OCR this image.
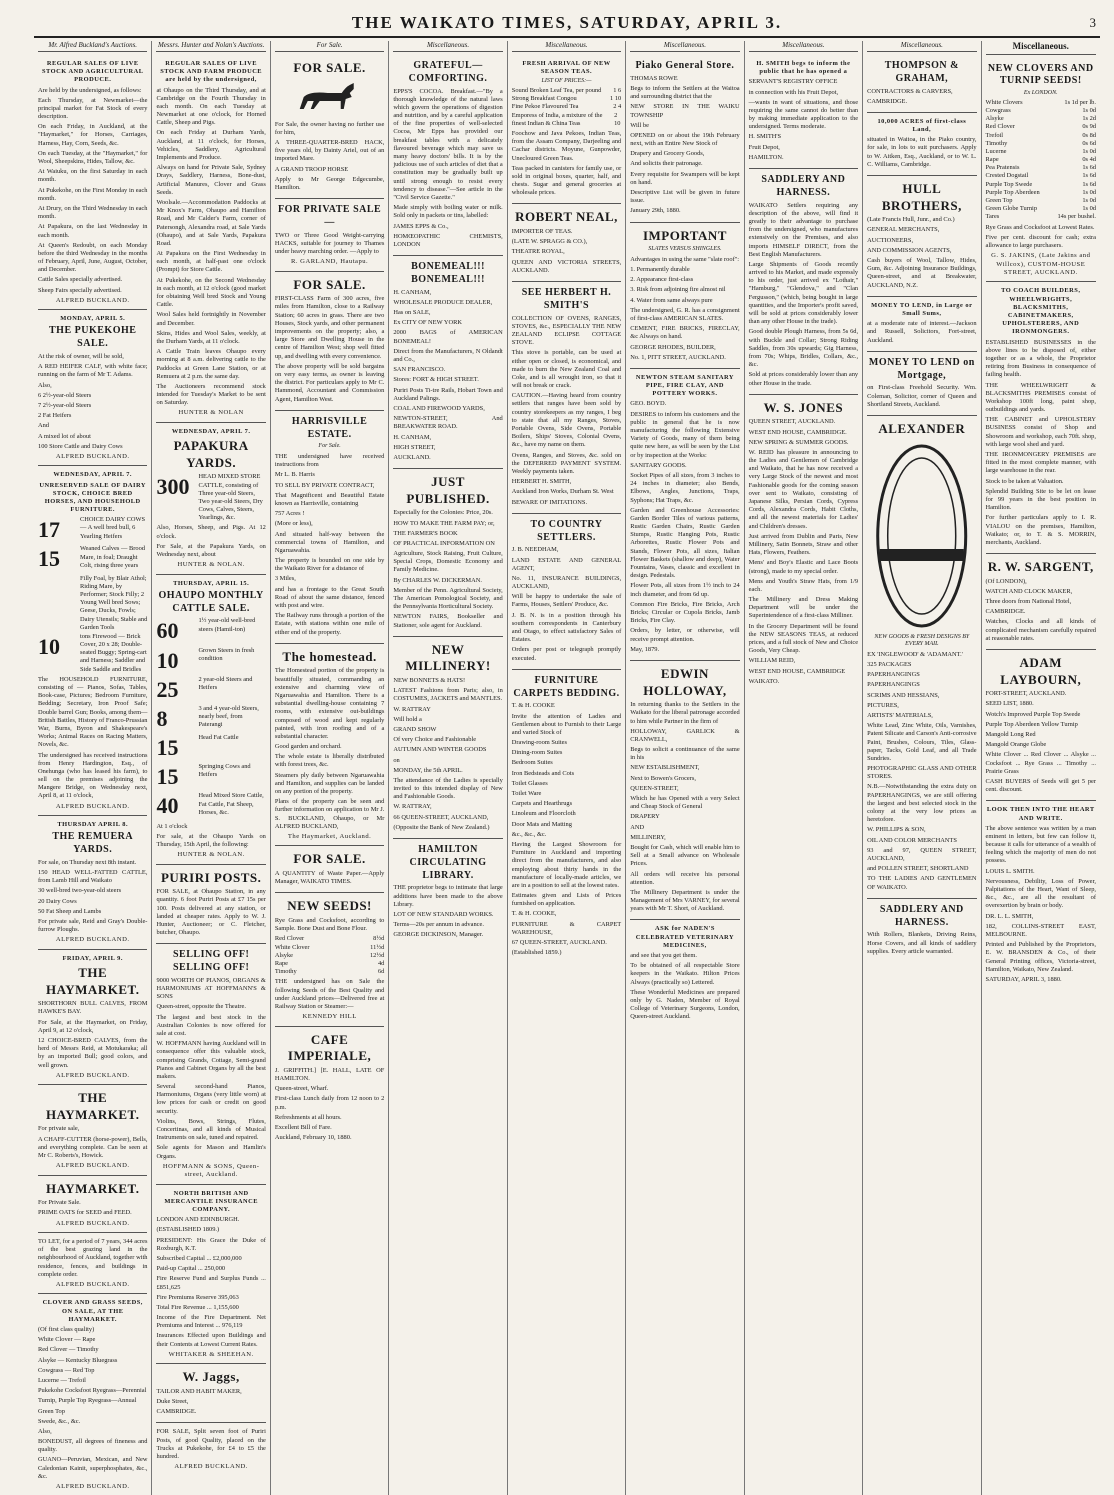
THE WAIKATO TIMES, SATURDAY, APRIL 3.	3
Mr. Alfred Buckland's Auctions.
REGULAR SALES OF LIVE STOCK AND AGRICULTURAL PRODUCE.
Are held by the undersigned, as follows:
Each Thursday, at Newmarket—the principal market for Fat Stock of every description.
On each Friday, in Auckland, at the "Haymarket," for Horses, Carriages, Harness, Hay, Corn, Seeds, &c.
On each Tuesday, at the "Haymarket," for Wool, Sheepskins, Hides, Tallow, &c.
At Waiuku, on the first Saturday in each month.
At Pukekohe, on the First Monday in each month.
At Drury, on the Third Wednesday in each month.
At Papakura, on the last Wednesday in each month.
At Queen's Redoubt, on each Monday before the third Wednesday in the months of February, April, June, August, October, and December.
Cattle Sales specially advertised.
Sheep Fairs specially advertised.
ALFRED BUCKLAND.
MONDAY, APRIL 5.
THE PUKEKOHE SALE.
At the risk of owner, will be sold,
A RED HEIFER CALF, with white face; running on the farm of Mr T. Adams.
Also,
6 2½-year-old Steers
7 2½-year-old Steers
2 Fat Heifers
And
A mixed lot of about
100 Store Cattle and Dairy Cows
ALFRED BUCKLAND.
WEDNESDAY, APRIL 7.
UNRESERVED SALE OF DAIRY STOCK, CHOICE BRED HORSES, AND HOUSEHOLD FURNITURE.
17	CHOICE DAIRY COWS — A well bred bull, 6 Yearling Heifers
15	Weaned Calves — Brood Mare, in foal; Draught Colt, rising three years
Filly Foal, by Blair Athol; Riding Mare, by Performer; Stock Filly; 2 Young Well bred Sows; Geese, Ducks, Fowls; Dairy Utensils; Stable and Garden Tools
10	tons Firewood — Brick Cover, 20 x 28; Double-seated Buggy; Spring-cart and Harness; Saddler and Side Saddle and Bridles
The HOUSEHOLD FURNITURE, consisting of — Pianos, Sofas, Tables, Book-case, Pictures; Bedroom Furniture, Bedding; Secretary, Iron Proof Safe; Double barrel Gun; Books, among them—British Battles, History of Franco-Prussian War, Burns, Byron and Shakespeare's Works; Animal Races on Racing Matters, Novels, &c.
The undersigned has received instructions from Henry Hardington, Esq., of Onehunga (who has leased his farm), to sell on the premises adjoining the Mangere Bridge, on Wednesday next, April 8, at 11 o'clock,
ALFRED BUCKLAND.
THURSDAY APRIL 8.
THE REMUERA YARDS.
For sale, on Thursday next 8th instant.
150 HEAD WELL-FATTED CATTLE, from Lamb Hill and Waikato
30 well-bred two-year-old steers
20 Dairy Cows
50 Fat Sheep and Lambs
For private sale, Reid and Gray's Double-furrow Ploughs.
ALFRED BUCKLAND.
FRIDAY, APRIL 9.
THE HAYMARKET.
SHORTHORN BULL CALVES, FROM HAWKE'S BAY.
For Sale, at the Haymarket, on Friday, April 9, at 12 o'clock,
12 CHOICE-BRED CALVES, from the herd of Messrs Reid, at Motukaraka; all by an imported Bull; good colors, and well grown.
ALFRED BUCKLAND.
THE HAYMARKET.
For private sale,
A CHAFF-CUTTER (horse-power), Bells, and everything complete. Can be seen at Mr C. Roberts's, Howick.
ALFRED BUCKLAND.
HAYMARKET.
For Private Sale.
PRIME OATS for SEED and FEED.
ALFRED BUCKLAND.
TO LET, for a period of 7 years, 344 acres of the best grazing land in the neighbourhood of Auckland, together with residence, fences, and buildings in complete order.
ALFRED BUCKLAND.
CLOVER AND GRASS SEEDS, ON SALE, AT THE HAYMARKET.
(Of first class quality)
White Clover — Rape
Red Clover — Timothy
Alsyke — Kentucky Bluegrass
Cowgrass — Red Top
Lucerne — Trefoil
Pukekohe Cocksfoot Ryegrass—Perennial
Turnip, Purple Top Ryegrass—Annual
Green Top
Swede, &c., &c.
Also,
BONEDUST, all degrees of fineness and quality.
GUANO—Peruvian, Mexican, and New Caledonian Kainit, superphosphates, &c., &c.
ALFRED BUCKLAND.
Messrs. Hunter and Nolan's Auctions.
REGULAR SALES OF LIVE STOCK AND FARM PRODUCE are held by the undersigned,
at Ohaupo on the Third Thursday, and at Cambridge on the Fourth Thursday in each month. On each Tuesday at Newmarket at one o'clock, for Horned Cattle, Sheep and Pigs.
On each Friday at Durham Yards, Auckland, at 11 o'clock, for Horses, Vehicles, Saddlery, Agricultural Implements and Produce.
Always on hand for Private Sale, Sydney Drays, Saddlery, Harness, Bone-dust, Artificial Manures, Clover and Grass Seeds.
Woolsale.—Accommodation Paddocks at Mr Knox's Farm, Ohaupo and Hamilton Road, and Mr Calder's Farm, corner of Patersongh, Alexandra road, at Sale Yards (Ohaupo), and at Sale Yards, Papakura Road.
At Papakura on the First Wednesday in each month, at half-past one o'clock (Prompt) for Store Cattle.
At Pukekohe, on the Second Wednesday in each month, at 12 o'clock (good market for obtaining Well bred Stock and Young Cattle.
Wool Sales held fortnightly in November and December.
Skins, Hides and Wool Sales, weekly, at the Durham Yards, at 11 o'clock.
A Cattle Train leaves Ohaupo every morning at 8 a.m. delivering cattle to the Paddocks at Green Lane Station, or at Remuera at 2 p.m. the same day.
The Auctioneers recommend stock intended for Tuesday's Market to be sent on Saturday.
HUNTER & NOLAN
WEDNESDAY, APRIL 7.
PAPAKURA YARDS.
300	HEAD MIXED STORE CATTLE, consisting of Three year-old Steers, Two year-old Steers, Dry Cows, Calves, Steers, Yearlings, &c.
Also, Horses, Sheep, and Pigs. At 12 o'clock.
For Sale, at the Papakura Yards, on Wednesday next, about
HUNTER & NOLAN.
THURSDAY, APRIL 15.
OHAUPO MONTHLY CATTLE SALE.
60	1½ year-old well-bred steers (Hamil-ton)
10	Grown Steers in fresh condition
25	2 year-old Steers and Heifers
8	3 and 4 year-old Steers, nearly beef, from Paterangi
15	Head Fat Cattle
15	Springing Cows and Heifers
40	Head Mixed Store Cattle, Fat Cattle, Fat Sheep, Horses, &c.
At 1 o'clock
For sale, at the Ohaupo Yards on Thursday, 15th April, the following:
HUNTER & NOLAN.
PURIRI POSTS.
FOR SALE, at Ohaupo Station, in any quantity. 6 foot Puriri Posts at £7 15s per 100. Posts delivered at any station, or landed at cheaper rates. Apply to W. J. Hunter, Auctioneer; or C. Fletcher, butcher, Ohaupo.
SELLING OFF! SELLING OFF!
9000 WORTH OF PIANOS, ORGANS & HARMONIUMS AT HOFFMANN'S & SONS
Queen-street, opposite the Theatre.
The largest and best stock in the Australian Colonies is now offered for sale at cost.
W. HOFFMANN having Auckland will in consequence offer this valuable stock, comprising Grands, Cottage, Semi-grand Pianos and Cabinet Organs by all the best makers.
Several second-hand Pianos, Harmoniums, Organs (very little worn) at low prices for cash or credit on good security.
Violins, Bows, Strings, Flutes, Concertinas, and all kinds of Musical Instruments on sale, tuned and repaired.
Sole agents for Mason and Hamlin's Organs.
HOFFMANN & SONS, Queen-street, Auckland.
NORTH BRITISH AND MERCANTILE INSURANCE COMPANY.
LONDON AND EDINBURGH.
(ESTABLISHED 1809.)
PRESIDENT: His Grace the Duke of Roxburgh, K.T.
Subscribed Capital ... £2,000,000
Paid-up Capital ... 250,000
Fire Reserve Fund and Surplus Funds ... £851,625
Fire Premiums Reserve 395,063
Total Fire Revenue ... 1,155,600
Income of the Fire Department. Net Premiums and Interest ... 976,119
Insurances Effected upon Buildings and their Contents at Lowest Current Rates.
WHITAKER & SHEEHAN.
W. Jaggs,
TAILOR AND HABIT MAKER,
Duke Street,
CAMBRIDGE.
FOR SALE, Split seven foot of Puriri Posts, of good Quality, placed on the Trucks at Pukekohe, for £4 to £5 the hundred.
ALFRED BUCKLAND.
For Sale.
FOR SALE.
For Sale, the owner having no further use for him,
A THREE-QUARTER-BRED HACK, five years old, by Dainty Ariel, out of an imported Mare.
A GRAND TROOP HORSE
Apply to Mr George Edgecumbe, Hamilton.
FOR PRIVATE SALE—
TWO or Three Good Weight-carrying HACKS, suitable for journey to Thames under heavy marching order. —Apply to
R. GARLAND, Hautapu.
FOR SALE.
FIRST-CLASS Farm of 300 acres, five miles from Hamilton, close to a Railway Station; 60 acres in grass. There are two Houses, Stock yards, and other permanent improvements on the property; also, a large Store and Dwelling House in the centre of Hamilton West; shop well fitted up, and dwelling with every convenience.
The above property will be sold bargains on very easy terms, as owner is leaving the district. For particulars apply to Mr C. Hammond, Accountant and Commission Agent, Hamilton West.
HARRISVILLE ESTATE.
For Sale.
THE undersigned have received instructions from
Mr L. B. Harris
TO SELL BY PRIVATE CONTRACT,
That Magnificent and Beautiful Estate known as Harrisville, containing
757 Acres !
(More or less),
And situated half-way between the commercial towns of Hamilton, and Ngaruawahia.
The property is bounded on one side by the Waikato River for a distance of
3 Miles,
and has a frontage to the Great South Road of about the same distance, fenced with post and wire.
The Railway runs through a portion of the Estate, with stations within one mile of either end of the property.
The homestead.
The Homestead portion of the property is beautifully situated, commanding an extensive and charming view of Ngaruawahia and Hamilton. There is a substantial dwelling-house containing 7 rooms, with extensive out-buildings composed of wood and kept regularly painted, with iron roofing and of a substantial character.
Good garden and orchard.
The whole estate is liberally distributed with forest trees, &c.
Steamers ply daily between Ngaruawahia and Hamilton, and supplies can be landed on any portion of the property.
Plans of the property can be seen and further information on application to Mr J. S. BUCKLAND, Ohaupo, or Mr ALFRED BUCKLAND,
The Haymarket, Auckland.
FOR SALE.
A QUANTITY of Waste Paper.—Apply Manager, WAIKATO TIMES.
NEW SEEDS!
Rye Grass and Cocksfoot, according to Sample. Bone Dust and Bone Flour.
Red Clover	8½d
White Clover	11½d
Alsyke	12½d
Rape	4d
Timothy	6d
THE undersigned has on Sale the following Seeds of the Best Quality and under Auckland prices—Delivered free at Railway Station or Steamer:—
KENNEDY HILL
CAFE IMPERIALE,
J. GRIFFITH.] [E. HALL, LATE OF HAMILTON.
Queen-street, Wharf.
First-class Lunch daily from 12 noon to 2 p.m.
Refreshments at all hours.
Excellent Bill of Fare.
Auckland, February 10, 1880.
Miscellaneous.
GRATEFUL—COMFORTING.
EPPS'S COCOA. Breakfast.—"By a thorough knowledge of the natural laws which govern the operations of digestion and nutrition, and by a careful application of the fine properties of well-selected Cocoa, Mr Epps has provided our breakfast tables with a delicately flavoured beverage which may save us many heavy doctors' bills. It is by the judicious use of such articles of diet that a constitution may be gradually built up until strong enough to resist every tendency to disease."—See article in the "Civil Service Gazette."
Made simply with boiling water or milk. Sold only in packets or tins, labelled:
JAMES EPPS & Co.,
HOMŒOPATHIC CHEMISTS, LONDON
BONEMEAL!!! BONEMEAL!!!
H. CANHAM,
WHOLESALE PRODUCE DEALER,
Has on SALE,
Ex CITY OF NEW YORK
2000 BAGS of AMERICAN BONEMEAL!
Direct from the Manufacturers, N Oldandt and Co.,
SAN FRANCISCO.
Stores: FORT & HIGH STREET.
Puriri Posts Ti-tre Rails, Hobart Town and Auckland Palings.
COAL AND FIREWOOD YARDS,
NEWTON-STREET, And BREAKWATER ROAD.
H. CANHAM,
HIGH STREET,
AUCKLAND.
JUST PUBLISHED.
Especially for the Colonies: Price, 20s.
HOW TO MAKE THE FARM PAY; or,
THE FARMER'S BOOK
OF PRACTICAL INFORMATION ON
Agriculture, Stock Raising, Fruit Culture, Special Crops, Domestic Economy and Family Medicine.
By CHARLES W. DICKERMAN.
Member of the Penn. Agricultural Society, The American Pomological Society, and the Pennsylvania Horticultural Society.
NEWTON FAIRS, Bookseller and Stationer, sole agent for Auckland.
NEW MILLINERY!
NEW BONNETS & HATS!
LATEST Fashions from Paris; also, in COSTUMES, JACKETS and MANTLES.
W. RATTRAY
Will hold a
GRAND SHOW
Of very Choice and Fashionable
AUTUMN AND WINTER GOODS
on
MONDAY, the 5th APRIL.
The attendance of the Ladies is specially invited to this intended display of New and Fashionable Goods.
W. RATTRAY,
66 QUEEN-STREET, AUCKLAND,
(Opposite the Bank of New Zealand.)
HAMILTON CIRCULATING LIBRARY.
THE proprietor begs to intimate that large additions have been made to the above Library.
LOT OF NEW STANDARD WORKS.
Terms—20s per annum in advance.
GEORGE DICKINSON, Manager.
Miscellaneous.
FRESH ARRIVAL OF NEW SEASON TEAS.
LIST OF PRICES:—
Sound Broken Leaf Tea, per pound 1 6
Strong Breakfast Congou	1 10
Fine Pekoe Flavoured Tea	2 4
Emporess of India, a mixture of the finest Indian & China Teas
2 10
Foochow and Java Pekoes, Indian Teas, from the Assam Company, Darjeeling and Cachar districts. Moyune, Gunpowder, Unecloured Green Teas.
Teas packed in canisters for family use, or sold in original boxes, quarter, half, and chests. Sugar and general groceries at wholesale prices.
ROBERT NEAL,
IMPORTER OF TEAS.
(LATE W. SPRAGG & CO.),
THEATRE ROYAL,
QUEEN AND VICTORIA STREETS, AUCKLAND.
SEE HERBERT H. SMITH'S
COLLECTION OF OVENS, RANGES, STOVES, &c., ESPECIALLY THE NEW ZEALAND ECLIPSE COTTAGE STOVE.
This stove is portable, can be used at either open or closed, is economical, and made to burn the New Zealand Coal and Coke, and is all wrought iron, so that it will not break or crack.
CAUTION.—Having heard from country settlers that ranges have been sold by country storekeepers as my ranges, I beg to state that all my Ranges, Stoves, Portable Ovens, Side Ovens, Portable Boilers, Ships' Stoves, Colonial Ovens, &c., have my name on them.
Ovens, Ranges, and Stoves, &c. sold on the DEFERRED PAYMENT SYSTEM. Weekly payments taken.
HERBERT H. SMITH,
Auckland Iron Works, Durham St. West
BEWARE OF IMITATIONS.
TO COUNTRY SETTLERS.
J. B. NEEDHAM,
LAND ESTATE AND GENERAL AGENT,
No. 11, INSURANCE BUILDINGS, AUCKLAND,
Will be happy to undertake the sale of Farms, Houses, Settlers' Produce, &c.
J. B. N. is in a position through his southern correspondents in Canterbury and Otago, to effect satisfactory Sales of Estates.
Orders per post or telegraph promptly executed.
FURNITURE CARPETS BEDDING.
T. & H. COOKE
Invite the attention of Ladies and Gentlemen about to Furnish to their Large and varied Stock of
Drawing-room Suites
Dining-room Suites
Bedroom Suites
Iron Bedsteads and Cots
Toilet Glasses
Toilet Ware
Carpets and Hearthrugs
Linoleum and Floorcloth
Door Mats and Matting
&c., &c., &c.
Having the Largest Showroom for Furniture in Auckland and importing direct from the manufacturers, and also employing about thirty hands in the manufacture of locally-made articles, we are in a position to sell at the lowest rates.
Estimates given and Lists of Prices furnished on application.
T. & H. COOKE,
FURNITURE & CARPET WAREHOUSE,
67 QUEEN-STREET, AUCKLAND.
(Established 1859.)
Miscellaneous.
Piako General Store.
THOMAS ROWE
Begs to inform the Settlers at the Waitoa and surrounding district that the
NEW STORE IN THE WAIKU TOWNSHIP
Will be
OPENED on or about the 19th February next, with an Entire New Stock of
Drapery and Grocery Goods,
And solicits their patronage.
Every requisite for Swampers will be kept on hand.
Descriptive List will be given in future issue.
January 29th, 1880.
IMPORTANT
SLATES VERSUS SHINGLES.
Advantages in using the same "slate roof":
1. Permanently durable
2. Appearance first-class
3. Risk from adjoining fire almost nil
4. Water from same always pure
The undersigned, G. R. has a consignment of first-class AMERICAN SLATES.
CEMENT, FIRE BRICKS, FIRECLAY, &c Always on hand.
GEORGE RHODES, BUILDER,
No. 1, PITT STREET, AUCKLAND.
NEWTON STEAM SANITARY PIPE, FIRE CLAY, AND POTTERY WORKS.
GEO. BOYD.
DESIRES to inform his customers and the public in general that he is now manufacturing the following Extensive Variety of Goods, many of them being quite new here, as will be seen by the List or by inspection at the Works:
SANITARY GOODS.
Socket Pipes of all sizes, from 3 inches to 24 inches in diameter; also Bends, Elbows, Angles, Junctions, Traps, Syphons; Hat Traps, &c.
Garden and Greenhouse Accessories: Garden Border Tiles of various patterns, Rustic Garden Chairs, Rustic Garden Stumps, Rustic Hanging Pots, Rustic Arborettes, Rustic Flower Pots and Stands, Flower Pots, all sizes, Italian Flower Baskets (shallow and deep), Water Fountains, Vases, classic and excellent in design. Pedestals.
Flower Pots, all sizes from 1½ inch to 24 inch diameter, and from 6d up.
Common Fire Bricks, Fire Bricks, Arch Bricks; Circular or Cupola Bricks, Jamb Bricks, Fire Clay.
Orders, by letter, or otherwise, will receive prompt attention.
May, 1879.
EDWIN HOLLOWAY,
In returning thanks to the Settlers in the Waikato for the liberal patronage accorded to him while Partner in the firm of
HOLLOWAY, GARLICK & CRANWELL,
Begs to solicit a continuance of the same in his
NEW ESTABLISHMENT,
Next to Bowen's Grocers,
QUEEN-STREET,
Which he has Opened with a very Select and Cheap Stock of General
DRAPERY
AND
MILLINERY,
Bought for Cash, which will enable him to Sell at a Small advance on Wholesale Prices.
All orders will receive his personal attention.
The Millinery Department is under the Management of Mrs VARNEY, for several years with Mr T. Short, of Auckland.
ASK for NADEN'S CELEBRATED VETERINARY MEDICINES,
and see that you get them.
To be obtained of all respectable Store keepers in the Waikato. Hilton Prices Always (practically so) Lettered.
These Wonderful Medicines are prepared only by G. Naden, Member of Royal College of Veterinary Surgeons, London, Queen-street Auckland.
Miscellaneous.
H. SMITH begs to inform the public that he has opened a
SERVANT'S REGISTRY OFFICE
in connection with his Fruit Depot,
—wants in want of situations, and those requiring the same cannot do better than by making immediate application to the undersigned. Terms moderate.
H. SMITH'S
Fruit Depot,
HAMILTON.
SADDLERY AND HARNESS.
WAIKATO Settlers requiring any description of the above, will find it greatly to their advantage to purchase from the undersigned, who manufactures extensively on the Premises, and also imports HIMSELF DIRECT, from the Best English Manufacturers.
Large Shipments of Goods recently arrived to his Market, and made expressly to his order, just arrived ex "Lothair," "Hamburg," "Glendova," and "Clan Fergusson," (which, being bought in large quantities, and the Importer's profit saved, will be sold at prices considerably lower than any other House in the trade).
Good double Plough Harness, from 5s 6d, with Buckle and Collar; Strong Riding Saddles, from 30s upwards; Gig Harness, from 70s; Whips, Bridles, Collars, &c., &c.
Sold at prices considerably lower than any other House in the trade.
W. S. JONES
QUEEN STREET, AUCKLAND.
WEST END HOUSE, CAMBRIDGE.
NEW SPRING & SUMMER GOODS.
W. REID has pleasure in announcing to the Ladies and Gentlemen of Cambridge and Waikato, that he has now received a very Large Stock of the newest and most Fashionable goods for the coming season over sent to Waikato, consisting of Japanese Silks, Persian Cords, Cypress Cords, Alexandra Cords, Habit Cloths, and all the newest materials for Ladies' and Children's dresses.
Just arrived from Dublin and Paris, New Millinery, Satin Bonnets, Straw and other Hats, Flowers, Feathers.
Mens' and Boy's Elastic and Lace Boots (strong), made to my special order.
Mens and Youth's Straw Hats, from 1/9 each.
The Millinery and Dress Making Department will be under the Superintendence of a first-class Milliner.
In the Grocery Department will be found the NEW SEASONS TEAS, at reduced prices, and a full stock of New and Choice Goods, Very Cheap.
WILLIAM REID,
WEST END HOUSE, CAMBRIDGE
WAIKATO.
Miscellaneous.
THOMPSON & GRAHAM,
CONTRACTORS & CARVERS,
CAMBRIDGE.
10,000 ACRES of first-class Land,
situated in Waitoa, in the Piako country, for sale, in lots to suit purchasers. Apply to W. Aitken, Esq., Auckland, or to W. L. C. Williams, Cambridge.
HULL BROTHERS,
(Late Francis Hull, Junr., and Co.)
GENERAL MERCHANTS,
AUCTIONEERS,
AND COMMISSION AGENTS,
Cash buyers of Wool, Tallow, Hides, Gum, &c. Adjoining Insurance Buildings, Queen-street, and at Breakwater, AUCKLAND, N.Z.
MONEY TO LEND, in Large or Small Sums,
at a moderate rate of interest.—Jackson and Russell, Solicitors, Fort-street, Auckland.
MONEY TO LEND on Mortgage,
on First-class Freehold Security. Wm. Coleman, Solicitor, corner of Queen and Shortland Streets, Auckland.
ALEXANDER
NEW GOODS & FRESH DESIGNS BY EVERY MAIL
EX 'INGLEWOOD' & 'ADAMANT.'
325 PACKAGES
PAPERHANGINGS
PAPERHANGINGS
SCRIMS AND HESSIANS,
PICTURES,
ARTISTS' MATERIALS,
White Lead, Zinc White, Oils, Varnishes, Patent Silicate and Carson's Anti-corrosive Paint, Brushes, Colours, Tiles, Glass-paper, Tacks, Gold Leaf, and all Trade Sundries.
PHOTOGRAPHIC GLASS AND OTHER STORES.
N.B.—Notwithstanding the extra duty on PAPERHANGINGS, we are still offering the largest and best selected stock in the colony at the very low prices as heretofore.
W. PHILLIPS & SON,
OIL AND COLOR MERCHANTS
93 and 97, QUEEN STREET, AUCKLAND,
and POLLEN STREET, SHORTLAND
TO THE LADIES AND GENTLEMEN OF WAIKATO.
SADDLERY AND HARNESS.
With Rollers, Blankets, Driving Reins, Horse Covers, and all kinds of saddlery supplies. Every article warranted.
Miscellaneous.
NEW CLOVERS AND TURNIP SEEDS!
Ex LONDON.
White Clovers	1s 1d per lb.
Cowgrass	1s 0d
Alsyke	1s 2d
Red Clover	0s 9d
Trefoil	0s 8d
Timothy	0s 6d
Lucerne	1s 0d
Rape	0s 4d
Pea Pratensis	1s 6d
Crested Dogstail	1s 6d
Purple Top Swede	1s 6d
Purple Top Aberdeen	1s 0d
Green Top	1s 0d
Green Globe Turnip	1s 0d
Tares	14s per bushel.
Rye Grass and Cocksfoot at Lowest Rates.
Five per cent. discount for cash; extra allowance to large purchasers.
G. S. JAKINS, (Late Jakins and Willcox), CUSTOM-HOUSE STREET, AUCKLAND.
TO COACH BUILDERS, WHEELWRIGHTS, BLACKSMITHS, CABINETMAKERS, UPHOLSTERERS, AND IRONMONGERS.
ESTABLISHED BUSINESSES in the above lines to be disposed of, either together or as a whole, the Proprietor retiring from Business in consequence of failing health.
THE WHEELWRIGHT & BLACKSMITHS PREMISES consist of Workshop 100ft long, paint shop, outbuildings and yards.
THE CABINET and UPHOLSTERY BUSINESS consist of Shop and Showroom and workshop, each 70ft. shop, with large wool shed and yard.
THE IRONMONGERY PREMISES are fitted in the most complete manner, with large warehouse in the rear.
Stock to be taken at Valuation.
Splendid Building Site to be let on lease for 99 years in the best position in Hamilton.
For further particulars apply to I. R. VIALOU on the premises, Hamilton, Waikato; or, to T. & S. MORRIN, merchants, Auckland.
R. W. SARGENT,
(Of LONDON),
WATCH AND CLOCK MAKER,
Three doors from National Hotel,
CAMBRIDGE.
Watches, Clocks and all kinds of complicated mechanism carefully repaired at reasonable rates.
ADAM LAYBOURN,
FORT-STREET, AUCKLAND.
SEED LIST, 1880.
Wotch's Improved Purple Top Swede
Purple Top Aberdeen Yellow Turnip
Mangold Long Red
Mangold Orange Globe
White Clover ... Red Clover ... Alsyke ... Cocksfoot ... Rye Grass ... Timothy ... Prairie Grass
CASH BUYERS of Seeds will get 5 per cent. discount.
LOOK THEN INTO THE HEART AND WRITE.
The above sentence was written by a man eminent in letters, but few can follow it, because it calls for utterance of a wealth of feeling which the majority of men do not possess.
LOUIS L. SMITH.
Nervousness, Debility, Loss of Power, Palpitations of the Heart, Want of Sleep, &c., &c., are all the resultant of overexertion by brain or body.
DR. L. L. SMITH,
182, COLLINS-STREET EAST, MELBOURNE.
Printed and Published by the Proprietors, E. W. BRANSDEN & Co., of their General Printing offices, Victoria-street, Hamilton, Waikato, New Zealand.
SATURDAY, APRIL 3, 1880.
